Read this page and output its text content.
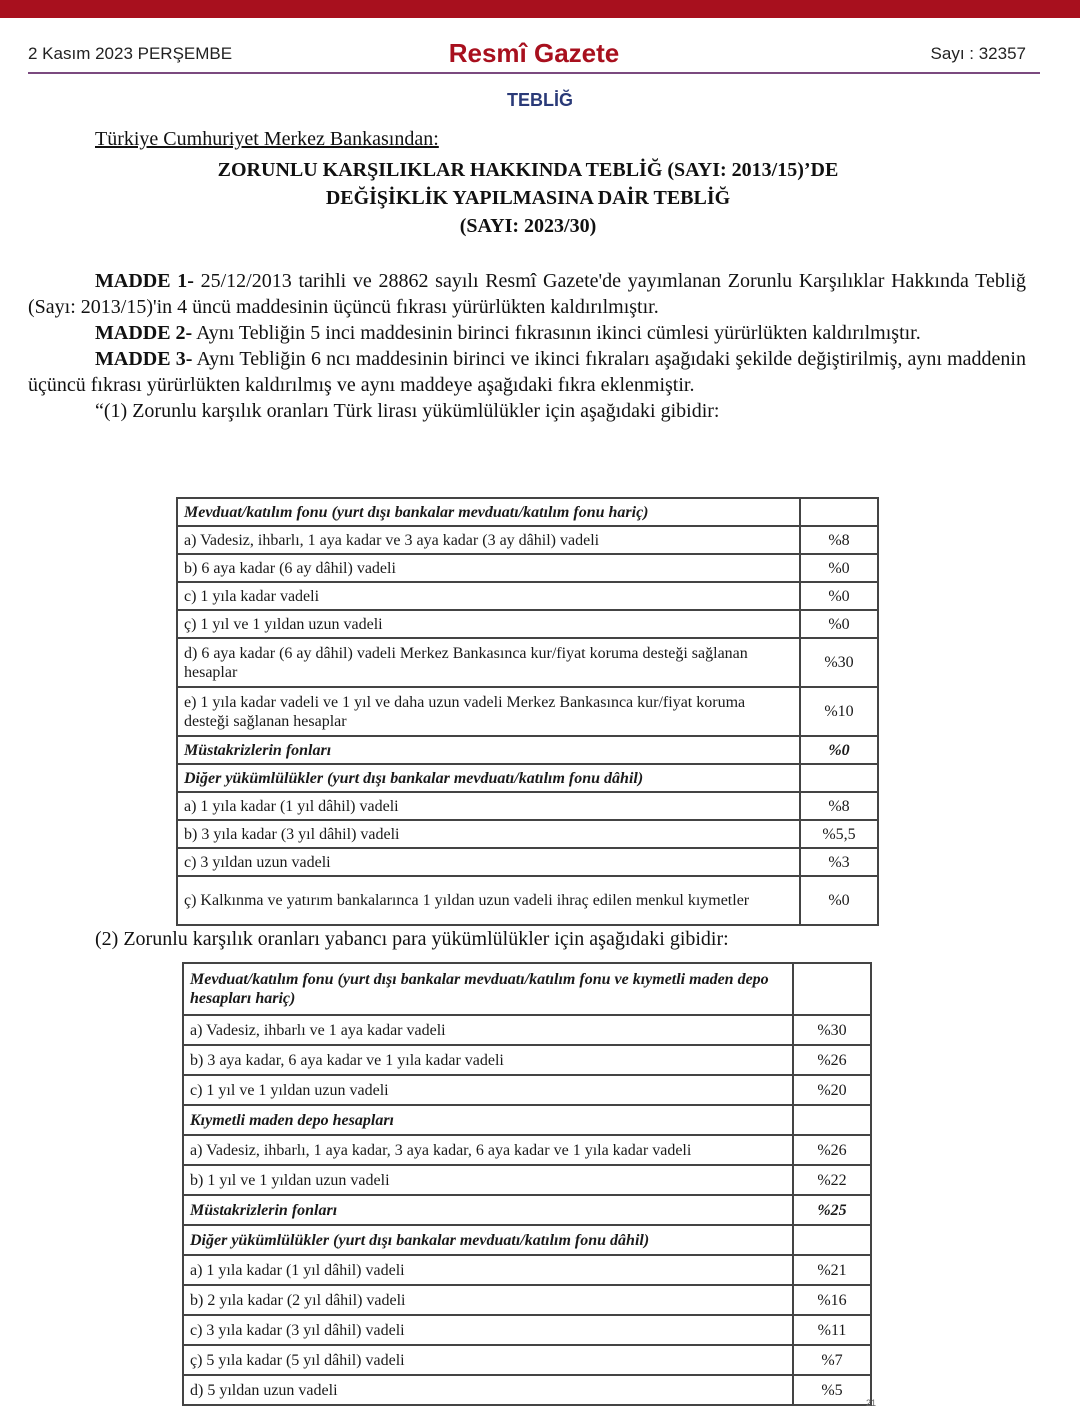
2 Kasım 2023 PERŞEMBE	Resmî Gazete	Sayı : 32357
TEBLİĞ
Türkiye Cumhuriyet Merkez Bankasından:
ZORUNLU KARŞILIKLAR HAKKINDA TEBLİĞ (SAYI: 2013/15)’DE
DEĞİŞİKLİK YAPILMASINA DAİR TEBLİĞ
(SAYI: 2023/30)

MADDE 1- 25/12/2013 tarihli ve 28862 sayılı Resmî Gazete'de yayımlanan Zorunlu Karşılıklar Hakkında Tebliğ (Sayı: 2013/15)'in 4 üncü maddesinin üçüncü fıkrası yürürlükten kaldırılmıştır.

MADDE 2- Aynı Tebliğin 5 inci maddesinin birinci fıkrasının ikinci cümlesi yürürlükten kaldırılmıştır.

MADDE 3- Aynı Tebliğin 6 ncı maddesinin birinci ve ikinci fıkraları aşağıdaki şekilde değiştirilmiş, aynı maddenin üçüncü fıkrası yürürlükten kaldırılmış ve aynı maddeye aşağıdaki fıkra eklenmiştir.

“(1) Zorunlu karşılık oranları Türk lirası yükümlülükler için aşağıdaki gibidir:

Mevduat/katılım fonu (yurt dışı bankalar mevduatı/katılım fonu hariç)	
a) Vadesiz, ihbarlı, 1 aya kadar ve 3 aya kadar (3 ay dâhil) vadeli	%8
b) 6 aya kadar (6 ay dâhil) vadeli	%0
c) 1 yıla kadar vadeli	%0
ç) 1 yıl ve 1 yıldan uzun vadeli	%0
d) 6 aya kadar (6 ay dâhil) vadeli Merkez Bankasınca kur/fiyat koruma desteği sağlanan hesaplar	%30
e) 1 yıla kadar vadeli ve 1 yıl ve daha uzun vadeli Merkez Bankasınca kur/fiyat koruma desteği sağlanan hesaplar	%10
Müstakrizlerin fonları	%0
Diğer yükümlülükler (yurt dışı bankalar mevduatı/katılım fonu dâhil)	
a) 1 yıla kadar (1 yıl dâhil) vadeli	%8
b) 3 yıla kadar (3 yıl dâhil) vadeli	%5,5
c) 3 yıldan uzun vadeli	%3
ç) Kalkınma ve yatırım bankalarınca 1 yıldan uzun vadeli ihraç edilen menkul kıymetler	%0
(2) Zorunlu karşılık oranları yabancı para yükümlülükler için aşağıdaki gibidir:
Mevduat/katılım fonu (yurt dışı bankalar mevduatı/katılım fonu ve kıymetli maden depo hesapları hariç)	
a) Vadesiz, ihbarlı ve 1 aya kadar vadeli	%30
b) 3 aya kadar, 6 aya kadar ve 1 yıla kadar vadeli	%26
c) 1 yıl ve 1 yıldan uzun vadeli	%20
Kıymetli maden depo hesapları	
a) Vadesiz, ihbarlı, 1 aya kadar, 3 aya kadar, 6 aya kadar ve 1 yıla kadar vadeli	%26
b) 1 yıl ve 1 yıldan uzun vadeli	%22
Müstakrizlerin fonları	%25
Diğer yükümlülükler (yurt dışı bankalar mevduatı/katılım fonu dâhil)	
a) 1 yıla kadar (1 yıl dâhil) vadeli	%21
b) 2 yıla kadar (2 yıl dâhil) vadeli	%16
c) 3 yıla kadar (3 yıl dâhil) vadeli	%11
ç) 5 yıla kadar (5 yıl dâhil) vadeli	%7
d) 5 yıldan uzun vadeli	%5
21
